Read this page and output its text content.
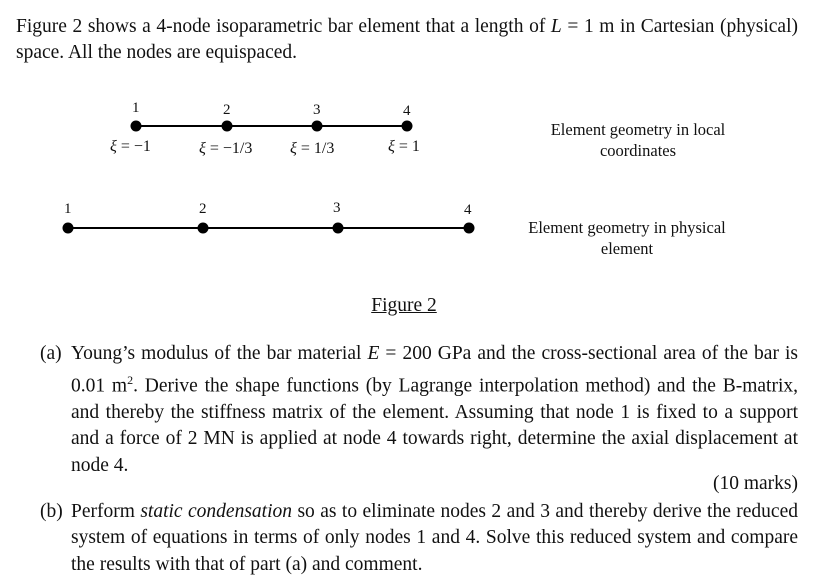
Figure 2 shows a 4-node isoparametric bar element that a length of L = 1 m in Cartesian (physical) space. All the nodes are equispaced.
1	2	3	4
ξ = −1	ξ = −1/3 ξ = 1/3	ξ = 1
1	2	3	4
Element geometry in local
coordinates
Element geometry in physical
element
Figure 2
(a) Young’s modulus of the bar material E = 200 GPa and the cross-sectional area of the bar is 0.01 $m^2$. Derive the shape functions (by Lagrange interpolation method) and the B-matrix, and thereby the stiffness matrix of the element. Assuming that node 1 is fixed to a support and a force of 2 MN is applied at node 4 towards right, determine the axial displacement at node 4.
(10 marks)
(b) Perform static condensation so as to eliminate nodes 2 and 3 and thereby derive the reduced system of equations in terms of only nodes 1 and 4. Solve this reduced system and compare the results with that of part (a) and comment.
